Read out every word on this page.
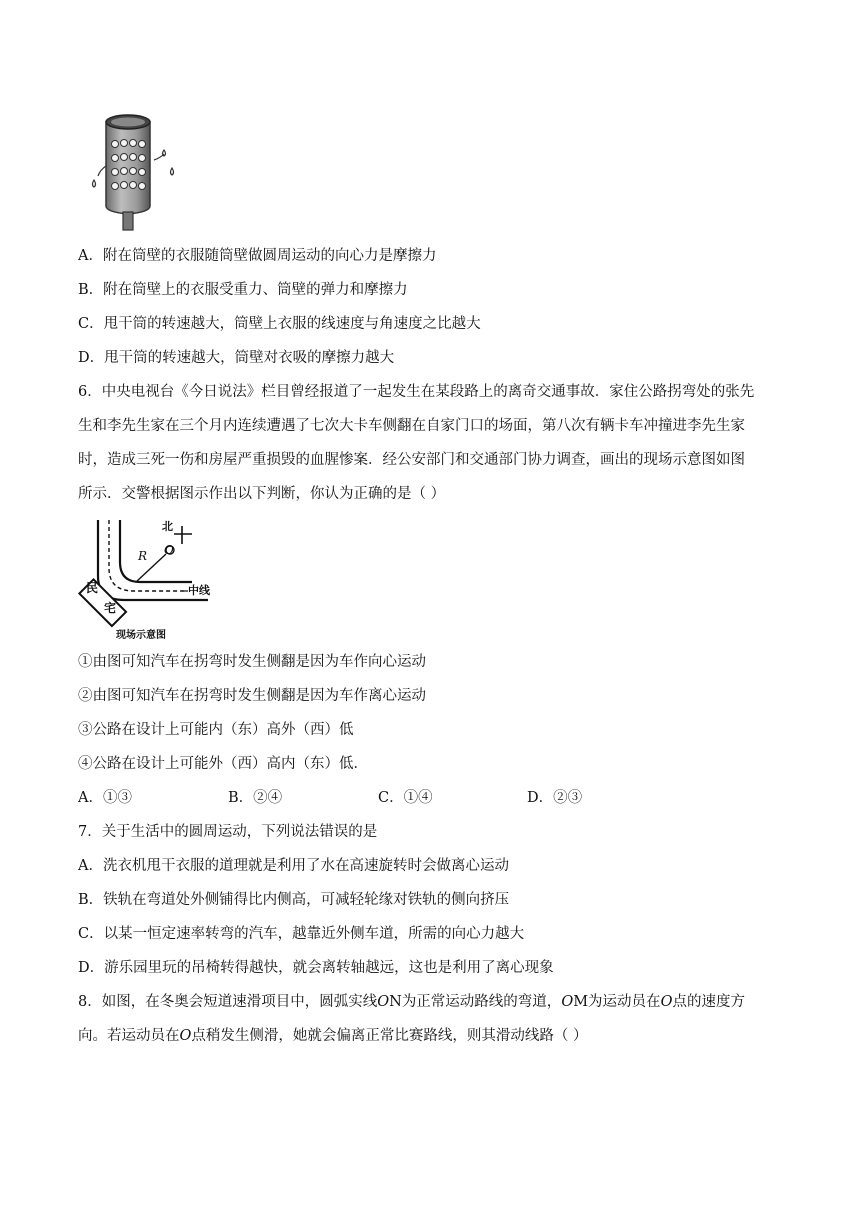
A．附在筒壁的衣服随筒壁做圆周运动的向心力是摩擦力
B．附在筒壁上的衣服受重力、筒壁的弹力和摩擦力
C．甩干筒的转速越大，筒壁上衣服的线速度与角速度之比越大
D．甩干筒的转速越大，筒壁对衣吸的摩擦力越大
6．中央电视台《今日说法》栏目曾经报道了一起发生在某段路上的离奇交通事故．家住公路拐弯处的张先
生和李先生家在三个月内连续遭遇了七次大卡车侧翻在自家门口的场面，第八次有辆卡车冲撞进李先生家
时，造成三死一伤和房屋严重损毁的血腥惨案．经公安部门和交通部门协力调查，画出的现场示意图如图
所示．交警根据图示作出以下判断，你认为正确的是（ ）
O
R
北
中线
民
宅
现场示意图
①由图可知汽车在拐弯时发生侧翻是因为车作向心运动
②由图可知汽车在拐弯时发生侧翻是因为车作离心运动
③公路在设计上可能内（东）高外（西）低
④公路在设计上可能外（西）高内（东）低．
A．①③	B．②④	C．①④	D．②③
7．关于生活中的圆周运动，下列说法错误的是
A．洗衣机甩干衣服的道理就是利用了水在高速旋转时会做离心运动
B．铁轨在弯道处外侧铺得比内侧高，可减轻轮缘对铁轨的侧向挤压
C．以某一恒定速率转弯的汽车，越靠近外侧车道，所需的向心力越大
D．游乐园里玩的吊椅转得越快，就会离转轴越远，这也是利用了离心现象
8．如图，在冬奥会短道速滑项目中，圆弧实线ON为正常运动路线的弯道，OM为运动员在O点的速度方
向。若运动员在O点稍发生侧滑，她就会偏离正常比赛路线，则其滑动线路（ ）
